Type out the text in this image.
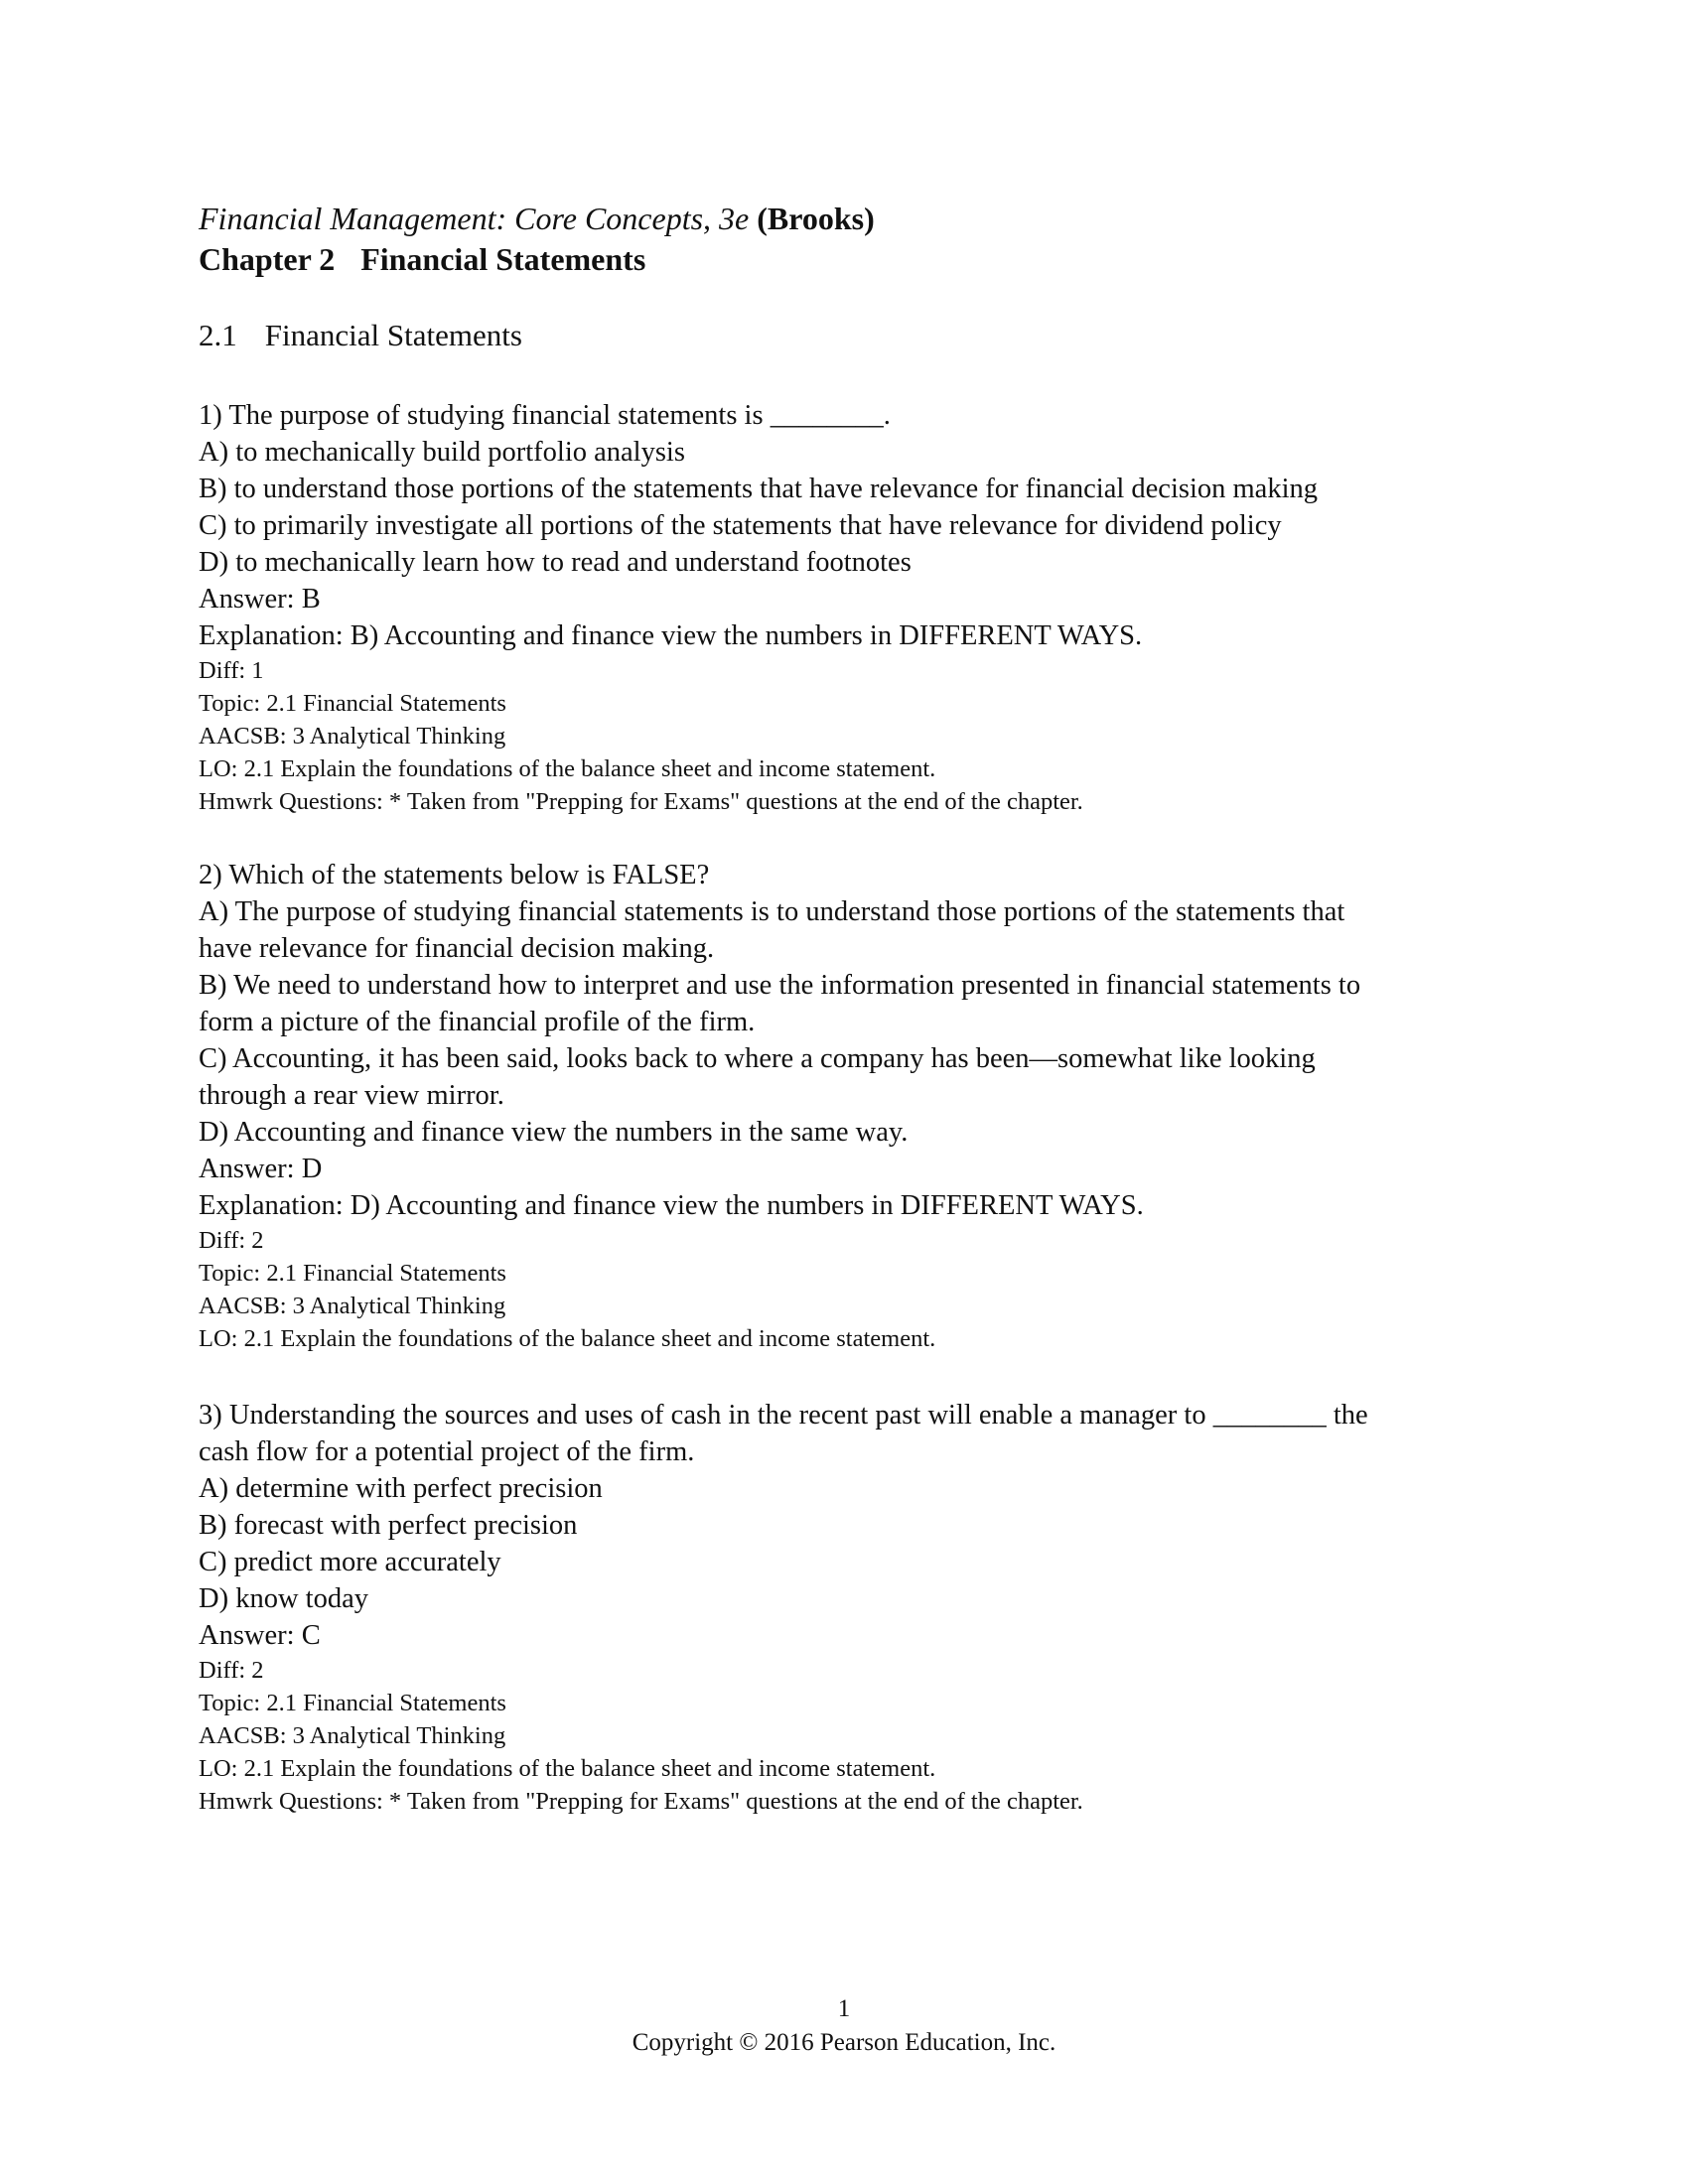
Financial Management: Core Concepts, 3e (Brooks)
Chapter 2 Financial Statements
2.1 Financial Statements
1) The purpose of studying financial statements is ________.
A) to mechanically build portfolio analysis
B) to understand those portions of the statements that have relevance for financial decision making
C) to primarily investigate all portions of the statements that have relevance for dividend policy
D) to mechanically learn how to read and understand footnotes
Answer: B
Explanation: B) Accounting and finance view the numbers in DIFFERENT WAYS.
Diff: 1
Topic: 2.1 Financial Statements
AACSB: 3 Analytical Thinking
LO: 2.1 Explain the foundations of the balance sheet and income statement.
Hmwrk Questions: * Taken from "Prepping for Exams" questions at the end of the chapter.
2) Which of the statements below is FALSE?
A) The purpose of studying financial statements is to understand those portions of the statements that
have relevance for financial decision making.
B) We need to understand how to interpret and use the information presented in financial statements to
form a picture of the financial profile of the firm.
C) Accounting, it has been said, looks back to where a company has been—somewhat like looking
through a rear view mirror.
D) Accounting and finance view the numbers in the same way.
Answer: D
Explanation: D) Accounting and finance view the numbers in DIFFERENT WAYS.
Diff: 2
Topic: 2.1 Financial Statements
AACSB: 3 Analytical Thinking
LO: 2.1 Explain the foundations of the balance sheet and income statement.
3) Understanding the sources and uses of cash in the recent past will enable a manager to ________ the
cash flow for a potential project of the firm.
A) determine with perfect precision
B) forecast with perfect precision
C) predict more accurately
D) know today
Answer: C
Diff: 2
Topic: 2.1 Financial Statements
AACSB: 3 Analytical Thinking
LO: 2.1 Explain the foundations of the balance sheet and income statement.
Hmwrk Questions: * Taken from "Prepping for Exams" questions at the end of the chapter.
1
Copyright © 2016 Pearson Education, Inc.
